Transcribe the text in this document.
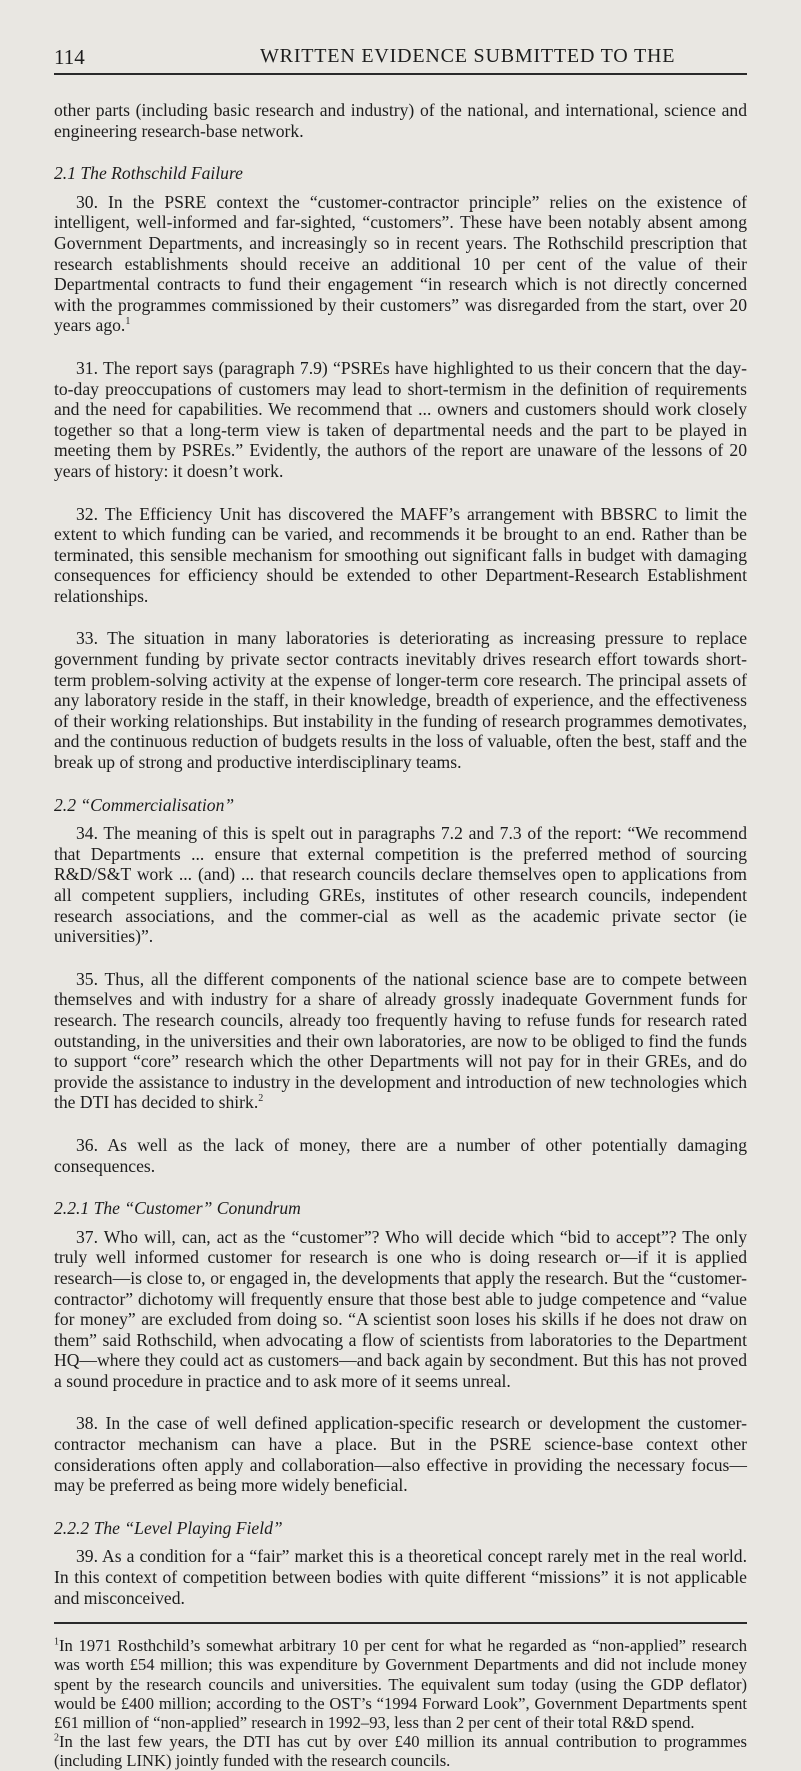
114	WRITTEN EVIDENCE SUBMITTED TO THE

other parts (including basic research and industry) of the national, and international, science and engineering research-base network.

2.1 The Rothschild Failure

30. In the PSRE context the “customer-contractor principle” relies on the existence of intelligent, well-informed and far-sighted, “customers”. These have been notably absent among Government Departments, and increasingly so in recent years. The Rothschild prescription that research establishments should receive an additional 10 per cent of the value of their Departmental contracts to fund their engagement “in research which is not directly concerned with the programmes commissioned by their customers” was disregarded from the start, over 20 years ago.$^1$

31. The report says (paragraph 7.9) “PSREs have highlighted to us their concern that the day-to-day preoccupations of customers may lead to short-termism in the definition of requirements and the need for capabilities. We recommend that ... owners and customers should work closely together so that a long-term view is taken of departmental needs and the part to be played in meeting them by PSREs.” Evidently, the authors of the report are unaware of the lessons of 20 years of history: it doesn’t work.

32. The Efficiency Unit has discovered the MAFF’s arrangement with BBSRC to limit the extent to which funding can be varied, and recommends it be brought to an end. Rather than be terminated, this sensible mechanism for smoothing out significant falls in budget with damaging consequences for efficiency should be extended to other Department-Research Establishment relationships.

33. The situation in many laboratories is deteriorating as increasing pressure to replace government funding by private sector contracts inevitably drives research effort towards short-term problem-solving activity at the expense of longer-term core research. The principal assets of any laboratory reside in the staff, in their knowledge, breadth of experience, and the effectiveness of their working relationships. But instability in the funding of research programmes demotivates, and the continuous reduction of budgets results in the loss of valuable, often the best, staff and the break up of strong and productive interdisciplinary teams.

2.2 “Commercialisation”

34. The meaning of this is spelt out in paragraphs 7.2 and 7.3 of the report: “We recommend that Departments ... ensure that external competition is the preferred method of sourcing R&D/S&T work ... (and) ... that research councils declare themselves open to applications from all competent suppliers, including GREs, institutes of other research councils, independent research associations, and the commer-cial as well as the academic private sector (ie universities)”.

35. Thus, all the different components of the national science base are to compete between themselves and with industry for a share of already grossly inadequate Government funds for research. The research councils, already too frequently having to refuse funds for research rated outstanding, in the universities and their own laboratories, are now to be obliged to find the funds to support “core” research which the other Departments will not pay for in their GREs, and do provide the assistance to industry in the development and introduction of new technologies which the DTI has decided to shirk.$^2$

36. As well as the lack of money, there are a number of other potentially damaging consequences.

2.2.1 The “Customer” Conundrum

37. Who will, can, act as the “customer”? Who will decide which “bid to accept”? The only truly well informed customer for research is one who is doing research or—if it is applied research—is close to, or engaged in, the developments that apply the research. But the “customer-contractor” dichotomy will frequently ensure that those best able to judge competence and “value for money” are excluded from doing so. “A scientist soon loses his skills if he does not draw on them” said Rothschild, when advocating a flow of scientists from laboratories to the Department HQ—where they could act as customers—and back again by secondment. But this has not proved a sound procedure in practice and to ask more of it seems unreal.

38. In the case of well defined application-specific research or development the customer-contractor mechanism can have a place. But in the PSRE science-base context other considerations often apply and collaboration—also effective in providing the necessary focus—may be preferred as being more widely beneficial.

2.2.2 The “Level Playing Field”

39. As a condition for a “fair” market this is a theoretical concept rarely met in the real world. In this context of competition between bodies with quite different “missions” it is not applicable and misconceived.

$^1$In 1971 Rosthchild’s somewhat arbitrary 10 per cent for what he regarded as “non-applied” research was worth £54 million; this was expenditure by Government Departments and did not include money spent by the research councils and universities. The equivalent sum today (using the GDP deflator) would be £400 million; according to the OST’s “1994 Forward Look”, Government Departments spent £61 million of “non-applied” research in 1992–93, less than 2 per cent of their total R&D spend.

$^2$In the last few years, the DTI has cut by over £40 million its annual contribution to programmes (including LINK) jointly funded with the research councils.
